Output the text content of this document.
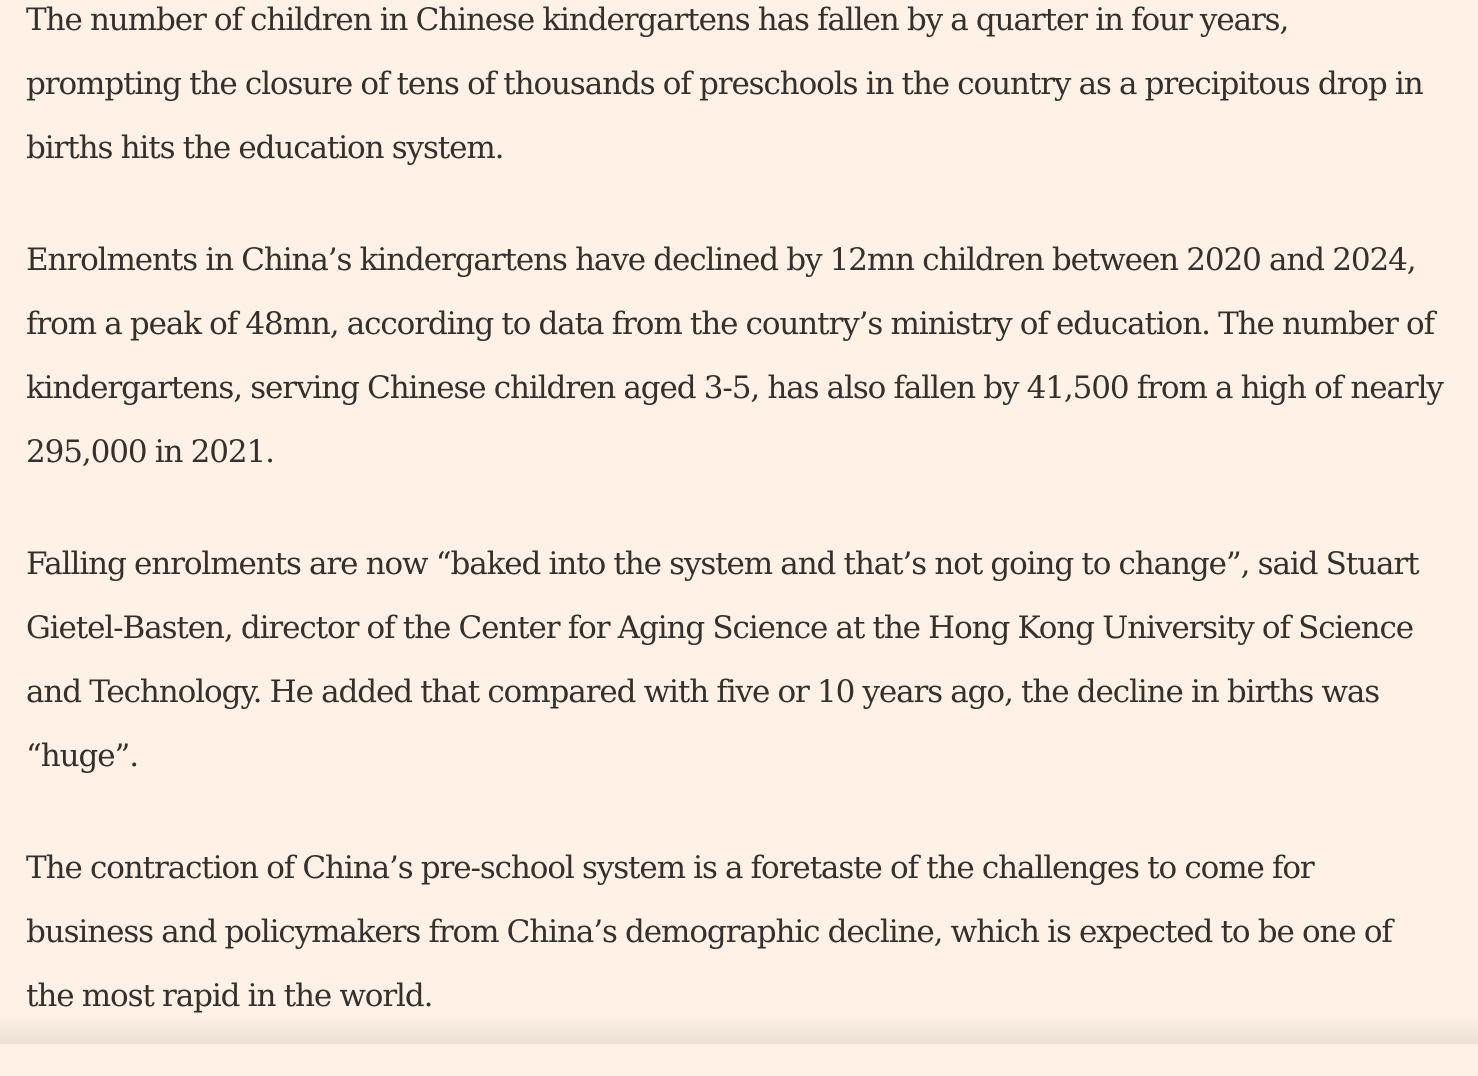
The number of children in Chinese kindergartens has fallen by a quarter in four years, prompting the closure of tens of thousands of preschools in the country as a precipitous drop in births hits the education system.

Enrolments in China’s kindergartens have declined by 12mn children between 2020 and 2024, from a peak of 48mn, according to data from the country’s ministry of education. The number of kindergartens, serving Chinese children aged 3-5, has also fallen by 41,500 from a high of nearly 295,000 in 2021.

Falling enrolments are now “baked into the system and that’s not going to change”, said Stuart Gietel-Basten, director of the Center for Aging Science at the Hong Kong University of Science and Technology. He added that compared with five or 10 years ago, the decline in births was “huge”.

The contraction of China’s pre-school system is a foretaste of the challenges to come for business and policymakers from China’s demographic decline, which is expected to be one of the most rapid in the world.
